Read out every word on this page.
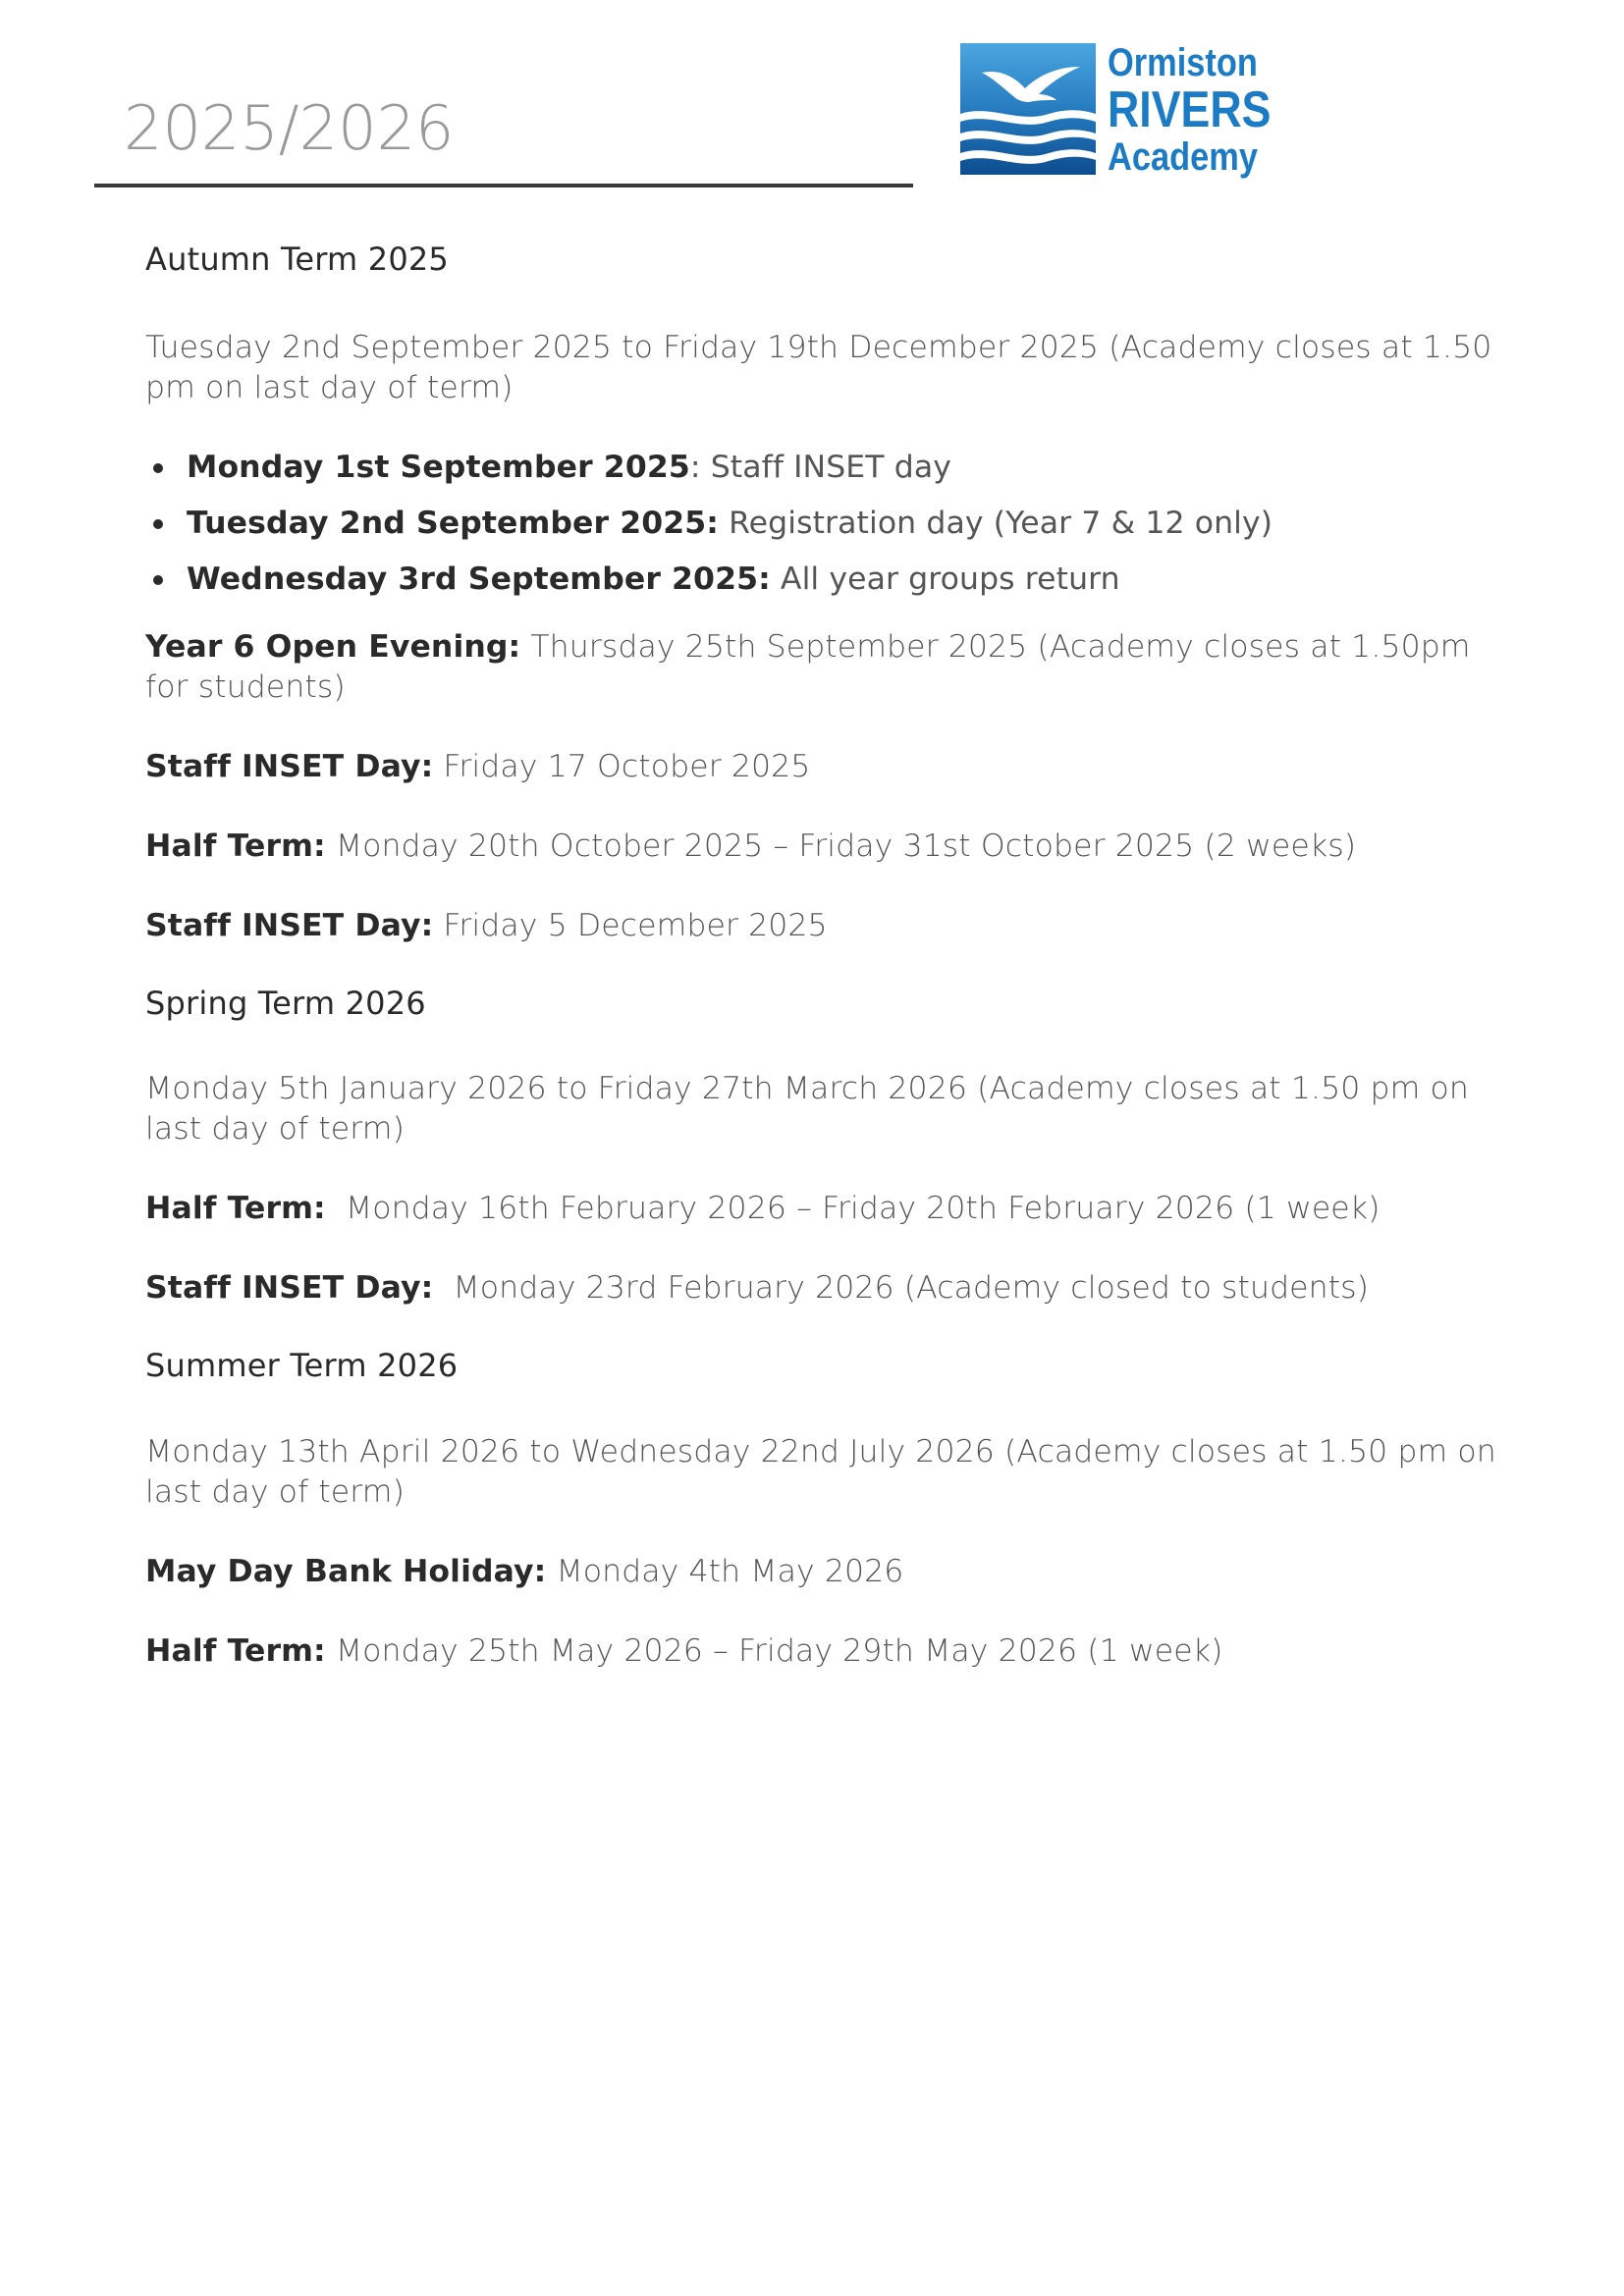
2025/2026
Ormiston
RIVERS
Academy
Autumn Term 2025

Tuesday 2nd September 2025 to Friday 19th December 2025 (Academy closes at 1.50 pm on last day of term)

Monday 1st September 2025: Staff INSET day
Tuesday 2nd September 2025: Registration day (Year 7 & 12 only)
Wednesday 3rd September 2025: All year groups return

Year 6 Open Evening: Thursday 25th September 2025 (Academy closes at 1.50pm for students)

Staff INSET Day: Friday 17 October 2025

Half Term: Monday 20th October 2025 – Friday 31st October 2025 (2 weeks)

Staff INSET Day: Friday 5 December 2025

Spring Term 2026

Monday 5th January 2026 to Friday 27th March 2026 (Academy closes at 1.50 pm on last day of term)

Half Term:  Monday 16th February 2026 – Friday 20th February 2026 (1 week)

Staff INSET Day:  Monday 23rd February 2026 (Academy closed to students)

Summer Term 2026

Monday 13th April 2026 to Wednesday 22nd July 2026 (Academy closes at 1.50 pm on last day of term)

May Day Bank Holiday: Monday 4th May 2026

Half Term: Monday 25th May 2026 – Friday 29th May 2026 (1 week)
